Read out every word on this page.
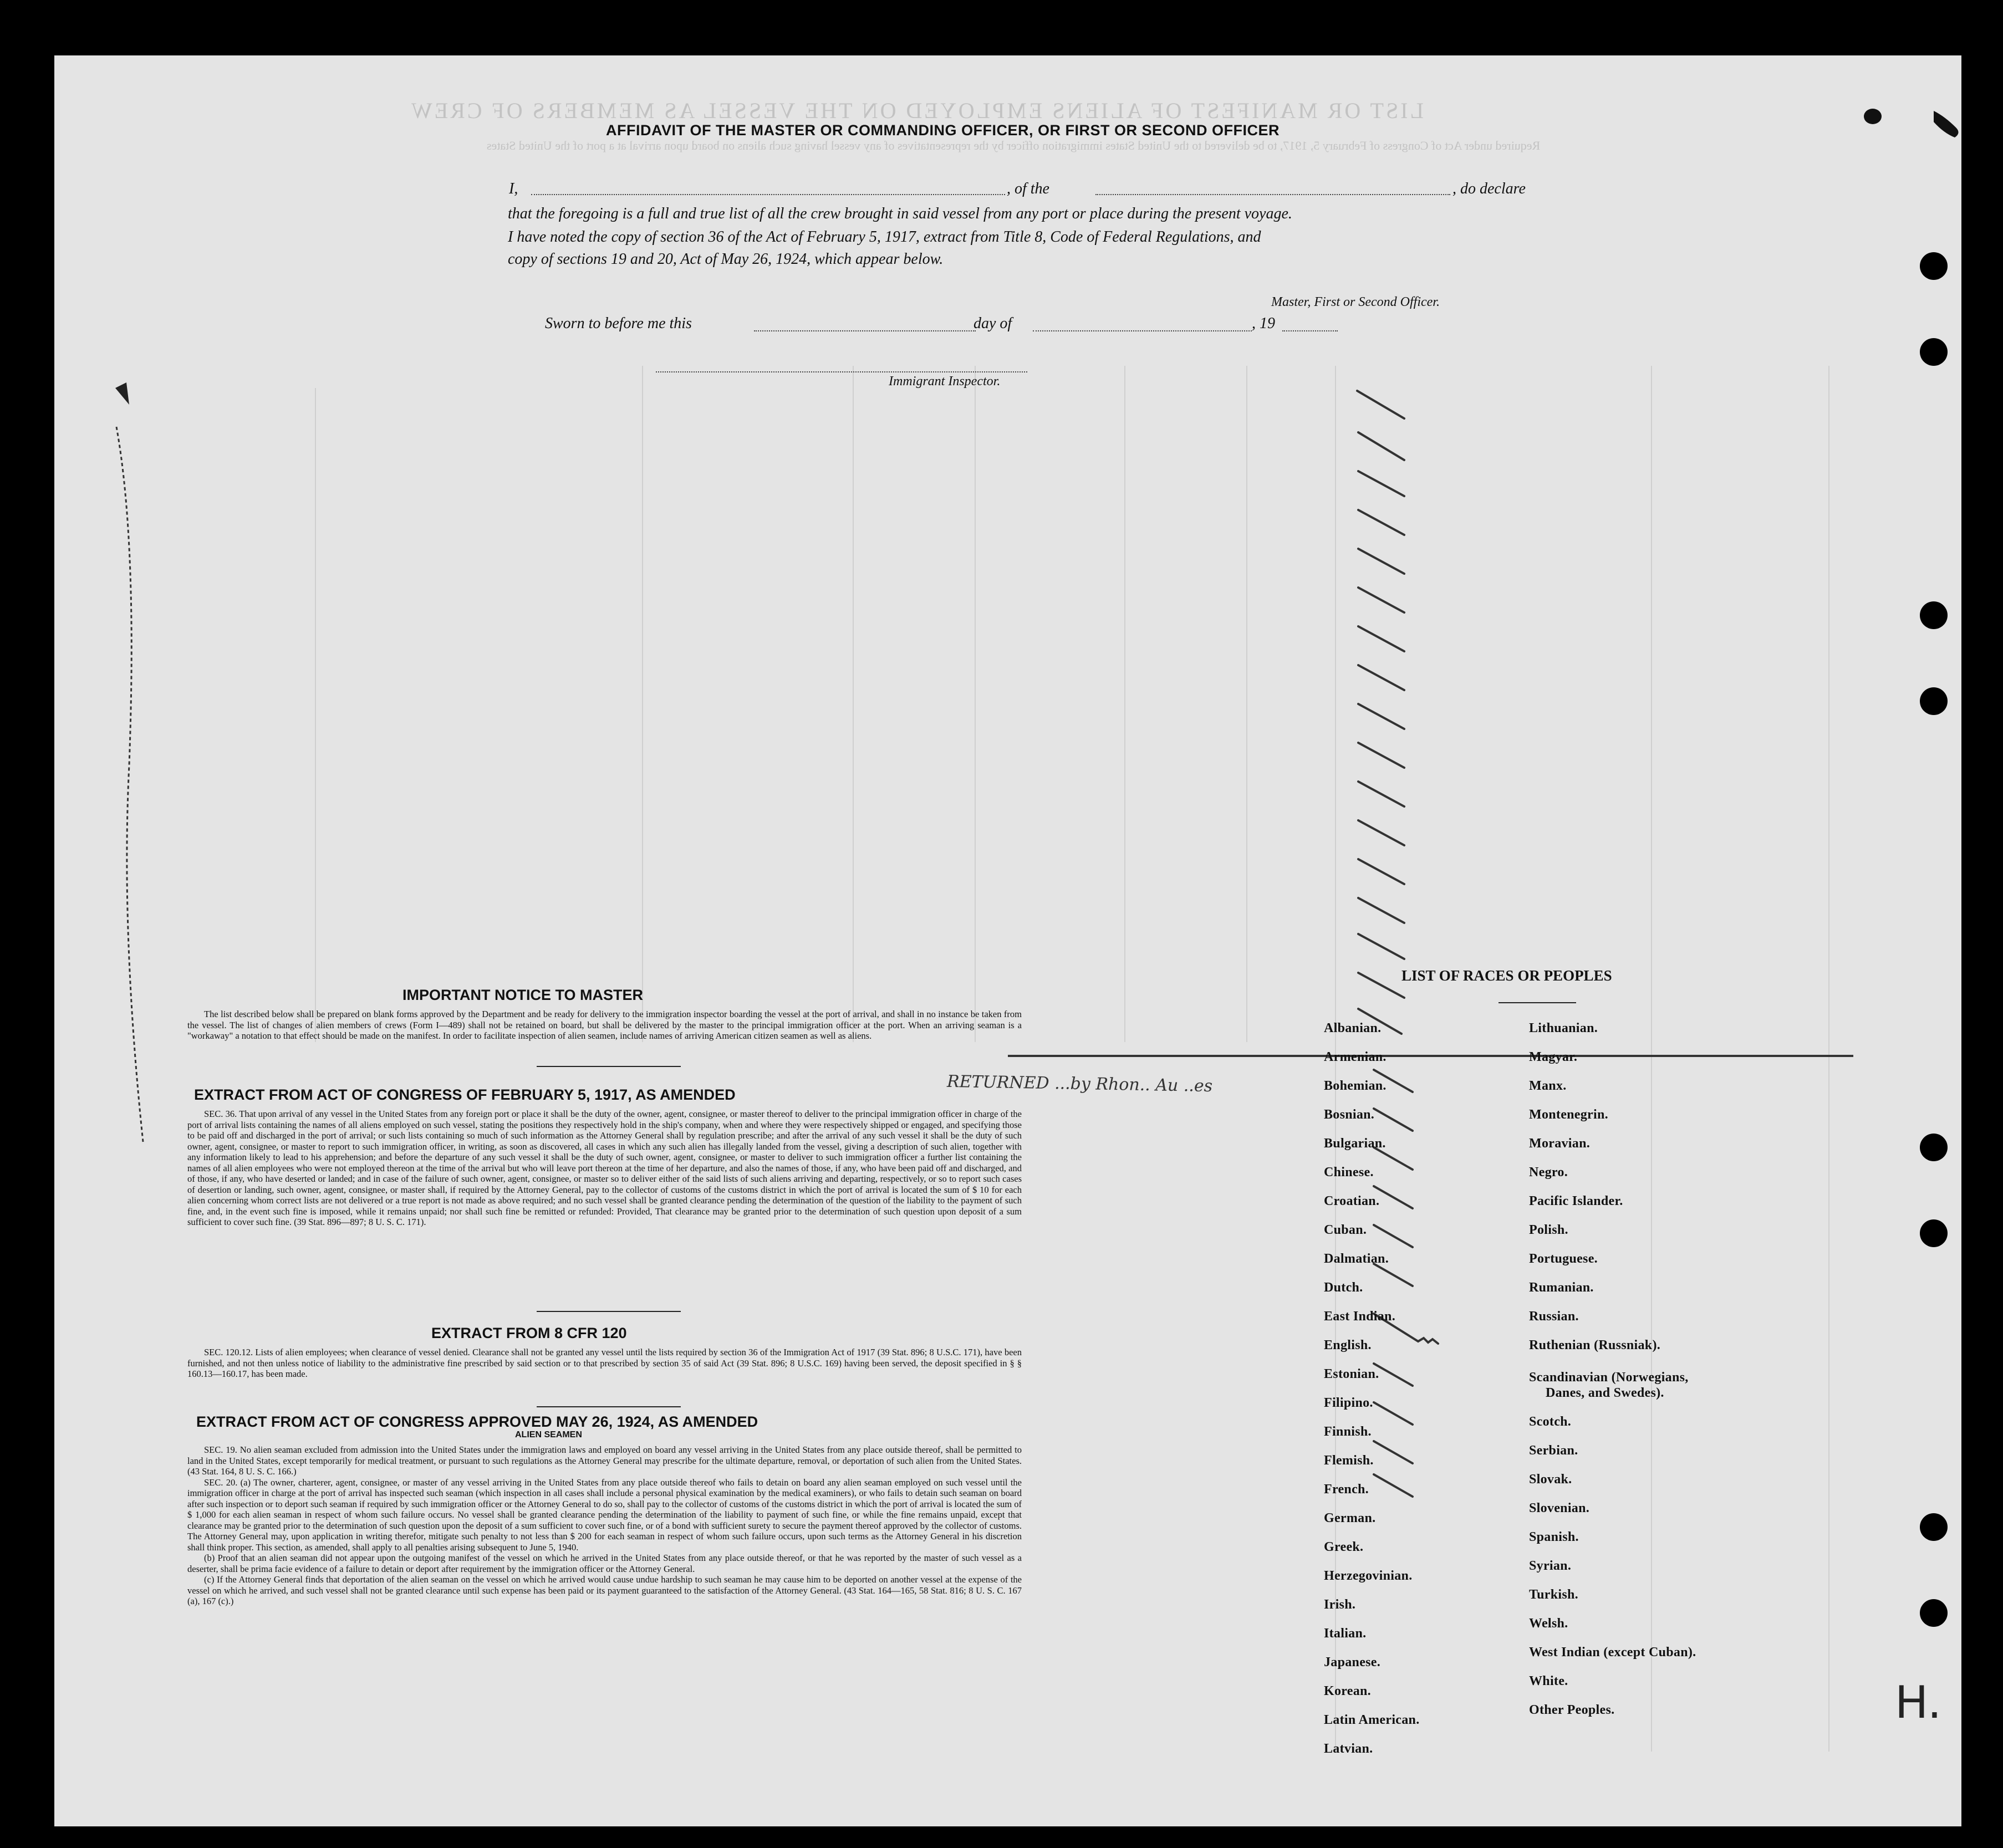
LIST OR MANIFEST OF ALIENS EMPLOYED ON THE VESSEL AS MEMBERS OF CREW
Required under Act of Congress of February 5, 1917, to be delivered to the United States immigration officer by the representatives of any vessel having such aliens on board upon arrival at a port of the United States
AFFIDAVIT OF THE MASTER OR COMMANDING OFFICER, OR FIRST OR SECOND OFFICER
I,	, of the	, do declare
that the foregoing is a full and true list of all the crew brought in said vessel from any port or place during the present voyage.
I have noted the copy of section 36 of the Act of February 5, 1917, extract from Title 8, Code of Federal Regulations, and
copy of sections 19 and 20, Act of May 26, 1924, which appear below.
Master, First or Second Officer.
Sworn to before me this	day of	, 19
Immigrant Inspector.
RETURNED ...by Rhon.. Au ..es
IMPORTANT NOTICE TO MASTER

The list described below shall be prepared on blank forms approved by the Department and be ready for delivery to the immigration inspector boarding the vessel at the port of arrival, and shall in no instance be taken from the vessel. The list of changes of alien members of crews (Form I—489) shall not be retained on board, but shall be delivered by the master to the principal immigration officer at the port. When an arriving seaman is a "workaway" a notation to that effect should be made on the manifest. In order to facilitate inspection of alien seamen, include names of arriving American citizen seamen as well as aliens.

EXTRACT FROM ACT OF CONGRESS OF FEBRUARY 5, 1917, AS AMENDED

SEC. 36. That upon arrival of any vessel in the United States from any foreign port or place it shall be the duty of the owner, agent, consignee, or master thereof to deliver to the principal immigration officer in charge of the port of arrival lists containing the names of all aliens employed on such vessel, stating the positions they respectively hold in the ship's company, when and where they were respectively shipped or engaged, and specifying those to be paid off and discharged in the port of arrival; or such lists containing so much of such information as the Attorney General shall by regulation prescribe; and after the arrival of any such vessel it shall be the duty of such owner, agent, consignee, or master to report to such immigration officer, in writing, as soon as discovered, all cases in which any such alien has illegally landed from the vessel, giving a description of such alien, together with any information likely to lead to his apprehension; and before the departure of any such vessel it shall be the duty of such owner, agent, consignee, or master to deliver to such immigration officer a further list containing the names of all alien employees who were not employed thereon at the time of the arrival but who will leave port thereon at the time of her departure, and also the names of those, if any, who have been paid off and discharged, and of those, if any, who have deserted or landed; and in case of the failure of such owner, agent, consignee, or master so to deliver either of the said lists of such aliens arriving and departing, respectively, or so to report such cases of desertion or landing, such owner, agent, consignee, or master shall, if required by the Attorney General, pay to the collector of customs of the customs district in which the port of arrival is located the sum of $ 10 for each alien concerning whom correct lists are not delivered or a true report is not made as above required; and no such vessel shall be granted clearance pending the determination of the question of the liability to the payment of such fine, and, in the event such fine is imposed, while it remains unpaid; nor shall such fine be remitted or refunded: Provided, That clearance may be granted prior to the determination of such question upon deposit of a sum sufficient to cover such fine. (39 Stat. 896—897; 8 U. S. C. 171).

EXTRACT FROM 8 CFR 120

SEC. 120.12. Lists of alien employees; when clearance of vessel denied. Clearance shall not be granted any vessel until the lists required by section 36 of the Immigration Act of 1917 (39 Stat. 896; 8 U.S.C. 171), have been furnished, and not then unless notice of liability to the administrative fine prescribed by said section or to that prescribed by section 35 of said Act (39 Stat. 896; 8 U.S.C. 169) having been served, the deposit specified in § § 160.13—160.17, has been made.

EXTRACT FROM ACT OF CONGRESS APPROVED MAY 26, 1924, AS AMENDED
ALIEN SEAMEN

SEC. 19. No alien seaman excluded from admission into the United States under the immigration laws and employed on board any vessel arriving in the United States from any place outside thereof, shall be permitted to land in the United States, except temporarily for medical treatment, or pursuant to such regulations as the Attorney General may prescribe for the ultimate departure, removal, or deportation of such alien from the United States. (43 Stat. 164, 8 U. S. C. 166.)

SEC. 20. (a) The owner, charterer, agent, consignee, or master of any vessel arriving in the United States from any place outside thereof who fails to detain on board any alien seaman employed on such vessel until the immigration officer in charge at the port of arrival has inspected such seaman (which inspection in all cases shall include a personal physical examination by the medical examiners), or who fails to detain such seaman on board after such inspection or to deport such seaman if required by such immigration officer or the Attorney General to do so, shall pay to the collector of customs of the customs district in which the port of arrival is located the sum of $ 1,000 for each alien seaman in respect of whom such failure occurs. No vessel shall be granted clearance pending the determination of the liability to payment of such fine, or while the fine remains unpaid, except that clearance may be granted prior to the determination of such question upon the deposit of a sum sufficient to cover such fine, or of a bond with sufficient surety to secure the payment thereof approved by the collector of customs. The Attorney General may, upon application in writing therefor, mitigate such penalty to not less than $ 200 for each seaman in respect of whom such failure occurs, upon such terms as the Attorney General in his discretion shall think proper. This section, as amended, shall apply to all penalties arising subsequent to June 5, 1940.

(b) Proof that an alien seaman did not appear upon the outgoing manifest of the vessel on which he arrived in the United States from any place outside thereof, or that he was reported by the master of such vessel as a deserter, shall be prima facie evidence of a failure to detain or deport after requirement by the immigration officer or the Attorney General.

(c) If the Attorney General finds that deportation of the alien seaman on the vessel on which he arrived would cause undue hardship to such seaman he may cause him to be deported on another vessel at the expense of the vessel on which he arrived, and such vessel shall not be granted clearance until such expense has been paid or its payment guaranteed to the satisfaction of the Attorney General. (43 Stat. 164—165, 58 Stat. 816; 8 U. S. C. 167 (a), 167 (c).)

LIST OF RACES OR PEOPLES
Albanian.
Armenian.
Bohemian.
Bosnian.
Bulgarian.
Chinese.
Croatian.
Cuban.
Dalmatian.
Dutch.
East Indian.
English.
Estonian.
Filipino.
Finnish.
Flemish.
French.
German.
Greek.
Herzegovinian.
Irish.
Italian.
Japanese.
Korean.
Latin American.
Latvian.
Lithuanian.
Magyar.
Manx.
Montenegrin.
Moravian.
Negro.
Pacific Islander.
Polish.
Portuguese.
Rumanian.
Russian.
Ruthenian (Russniak).
Scandinavian (Norwegians,
Danes, and Swedes).
Scotch.
Serbian.
Slovak.
Slovenian.
Spanish.
Syrian.
Turkish.
Welsh.
West Indian (except Cuban).
White.
Other Peoples.	H.
